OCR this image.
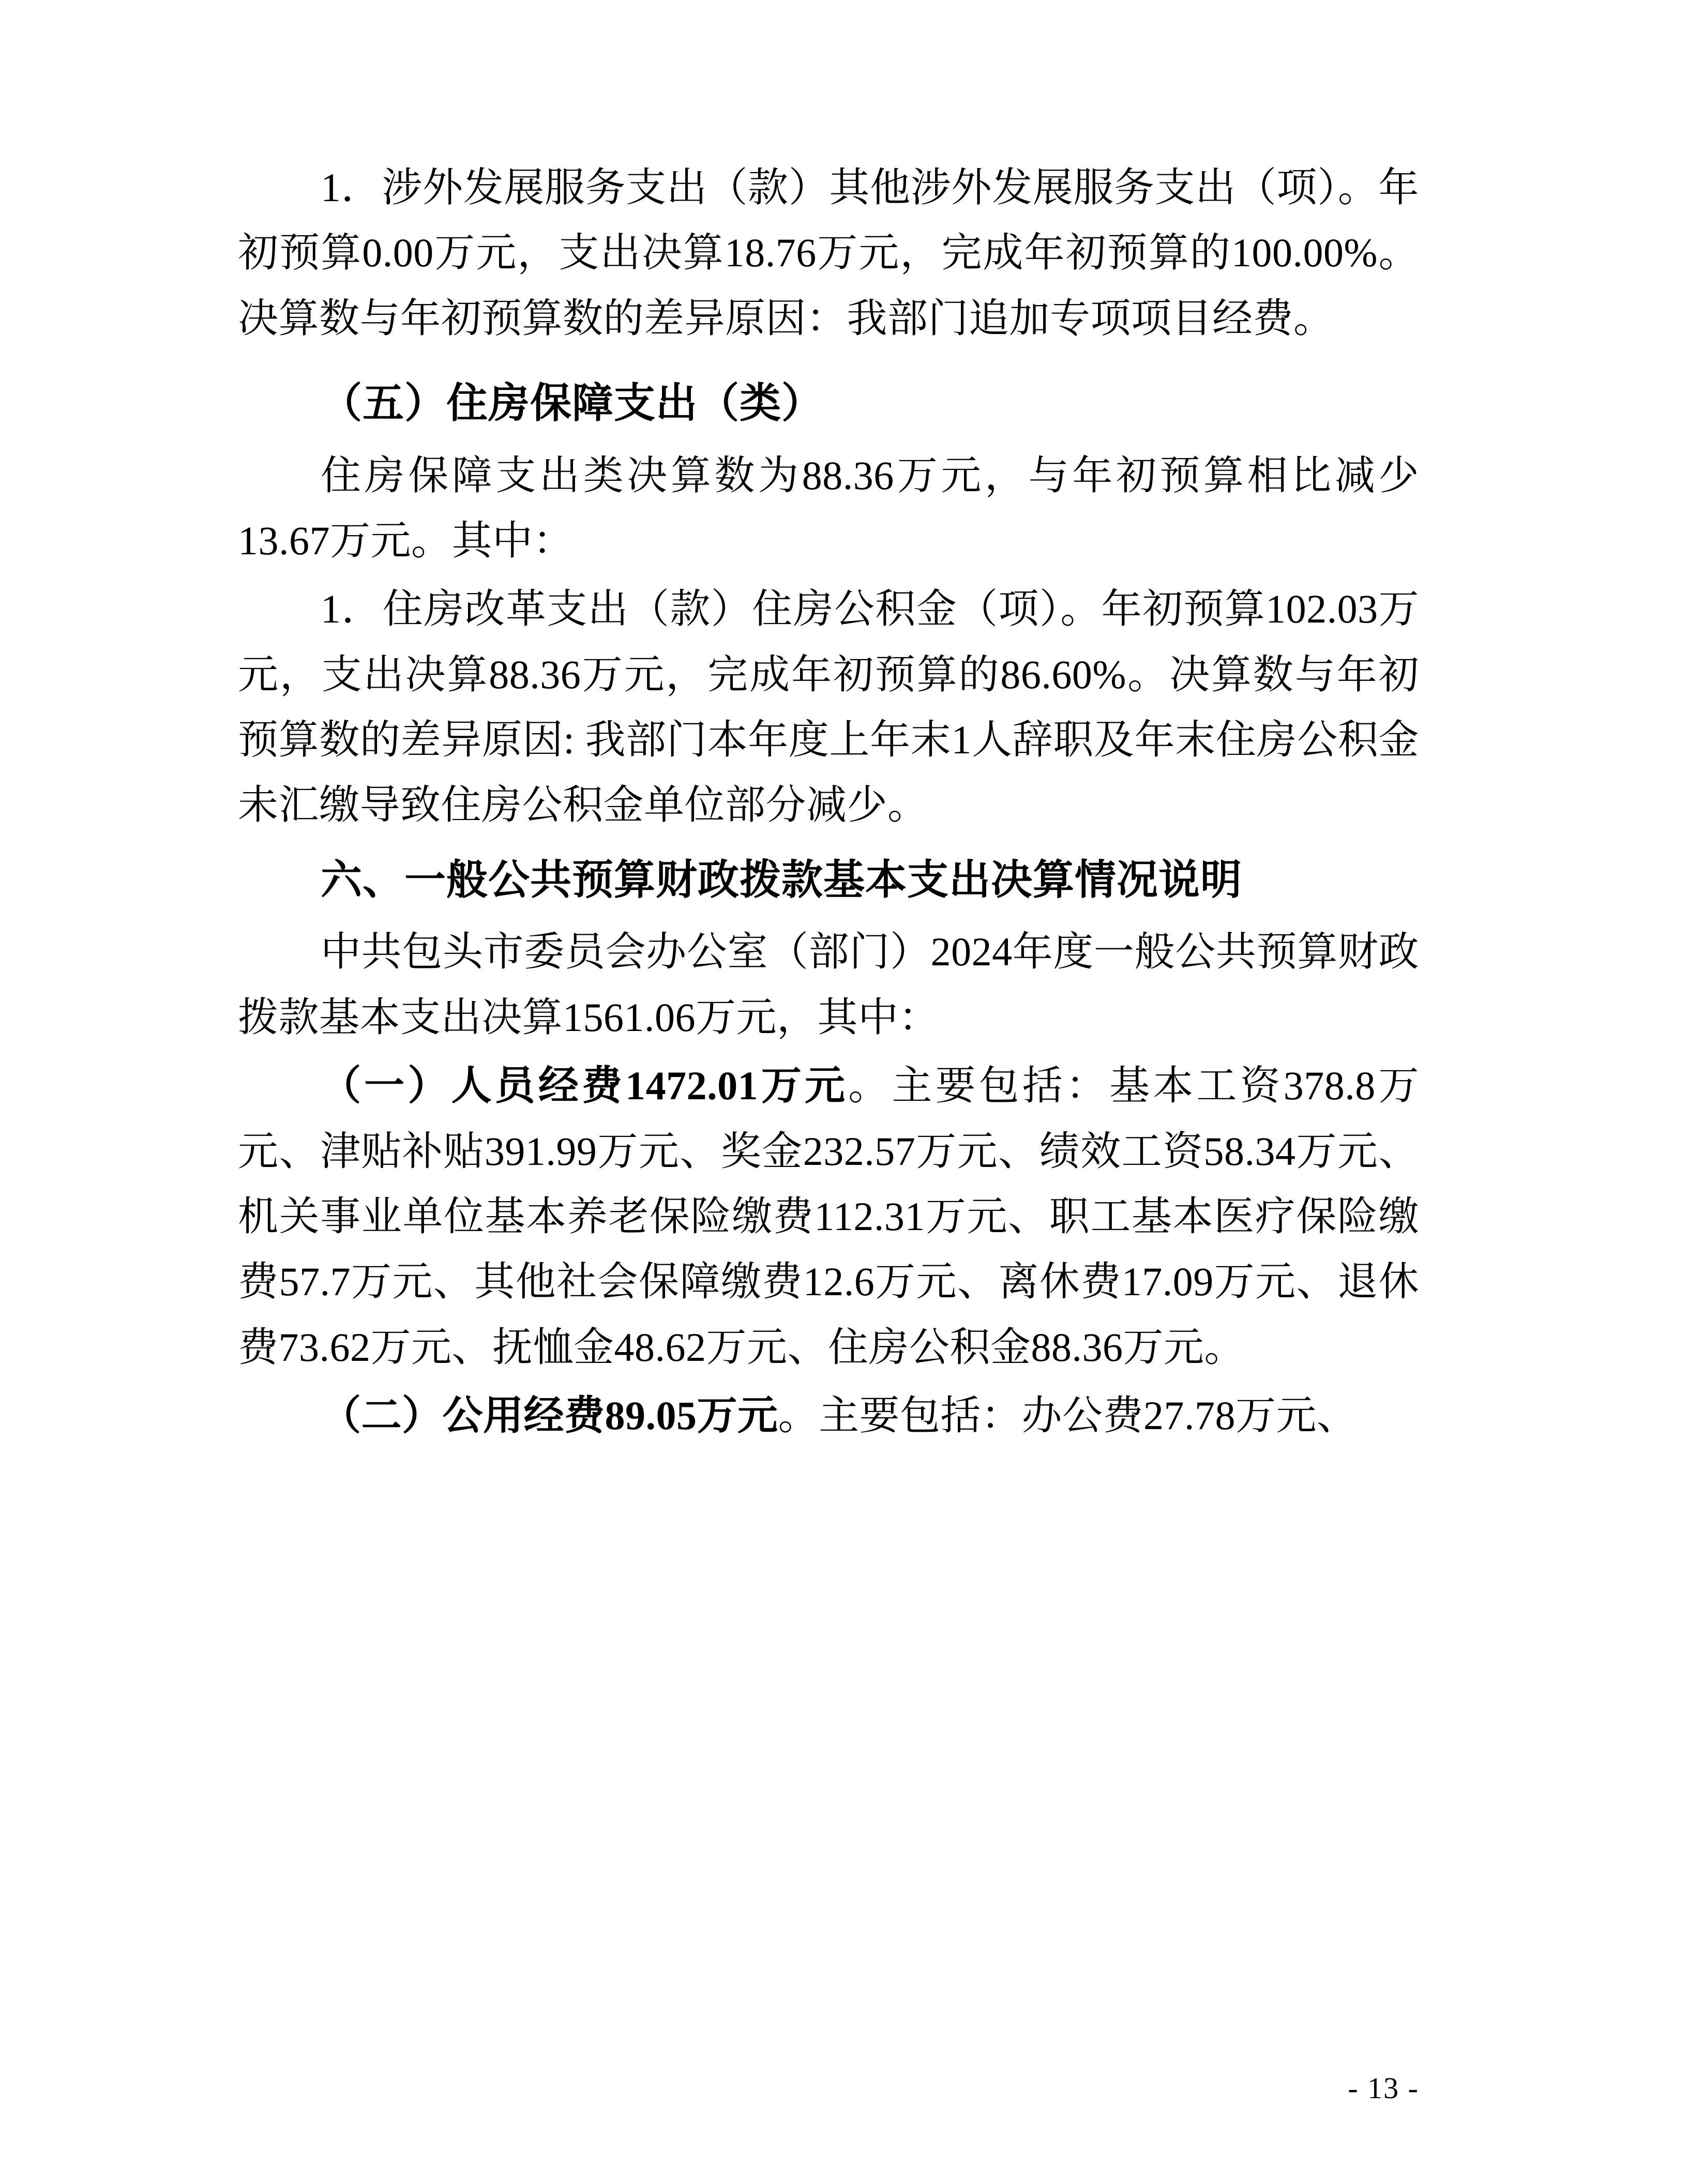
1．涉外发展服务支出（款）其他涉外发展服务支出（项）。年初预算0.00万元，支出决算18.76万元，完成年初预算的100.00%。决算数与年初预算数的差异原因：我部门追加专项项目经费。

（五）住房保障支出（类）

住房保障支出类决算数为88.36万元，与年初预算相比减少13.67万元。其中：

1．住房改革支出（款）住房公积金（项）。年初预算102.03万元，支出决算88.36万元，完成年初预算的86.60%。决算数与年初预算数的差异原因: 我部门本年度上年末1人辞职及年末住房公积金未汇缴导致住房公积金单位部分减少。

六、一般公共预算财政拨款基本支出决算情况说明

中共包头市委员会办公室（部门）2024年度一般公共预算财政拨款基本支出决算1561.06万元，其中：

（一）人员经费1472.01万元。主要包括：基本工资378.8万元、津贴补贴391.99万元、奖金232.57万元、绩效工资58.34万元、机关事业单位基本养老保险缴费112.31万元、职工基本医疗保险缴费57.7万元、其他社会保障缴费12.6万元、离休费17.09万元、退休费73.62万元、抚恤金48.62万元、住房公积金88.36万元。

（二）公用经费89.05万元。主要包括：办公费27.78万元、

- 13 -
